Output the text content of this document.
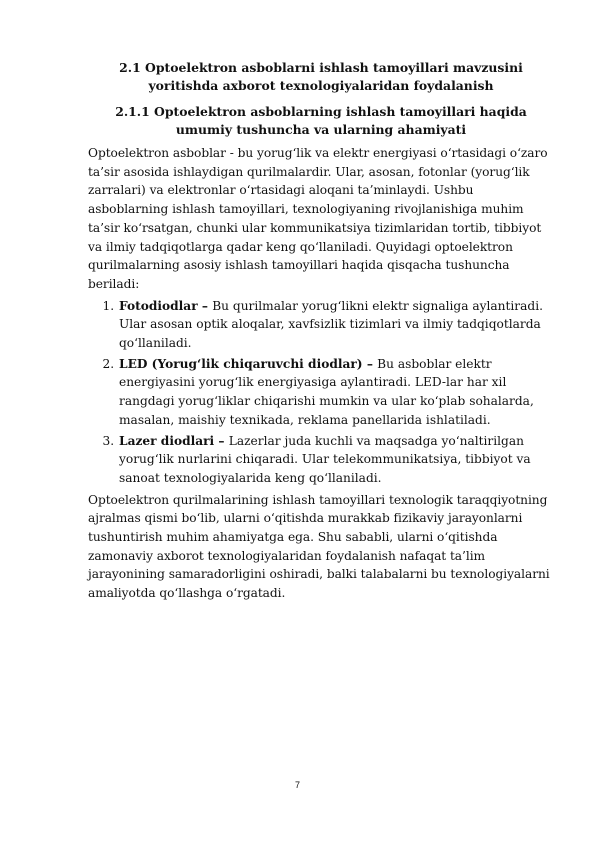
2.1 Optoelektron asboblarni ishlash tamoyillari mavzusini yoritishda axborot texnologiyalaridan foydalanish
2.1.1 Optoelektron asboblarning ishlash tamoyillari haqida umumiy tushuncha va ularning ahamiyati

Optoelektron asboblar - bu yorug‘lik va elektr energiyasi o‘rtasidagi o‘zaro ta’sir asosida ishlaydigan qurilmalardir. Ular, asosan, fotonlar (yorug‘lik zarralari) va elektronlar o‘rtasidagi aloqani ta’minlaydi. Ushbu asboblarning ishlash tamoyillari, texnologiyaning rivojlanishiga muhim ta’sir ko‘rsatgan, chunki ular kommunikatsiya tizimlaridan tortib, tibbiyot va ilmiy tadqiqotlarga qadar keng qo‘llaniladi. Quyidagi optoelektron qurilmalarning asosiy ishlash tamoyillari haqida qisqacha tushuncha beriladi:

1. Fotodiodlar – Bu qurilmalar yorug‘likni elektr signaliga aylantiradi. Ular asosan optik aloqalar, xavfsizlik tizimlari va ilmiy tadqiqotlarda qo‘llaniladi.
2. LED (Yorug‘lik chiqaruvchi diodlar) – Bu asboblar elektr energiyasini yorug‘lik energiyasiga aylantiradi. LED-lar har xil rangdagi yorug‘liklar chiqarishi mumkin va ular ko‘plab sohalarda, masalan, maishiy texnikada, reklama panellarida ishlatiladi.
3. Lazer diodlari – Lazerlar juda kuchli va maqsadga yo‘naltirilgan yorug‘lik nurlarini chiqaradi. Ular telekommunikatsiya, tibbiyot va sanoat texnologiyalarida keng qo‘llaniladi.

Optoelektron qurilmalarining ishlash tamoyillari texnologik taraqqiyotning ajralmas qismi bo‘lib, ularni o‘qitishda murakkab fizikaviy jarayonlarni tushuntirish muhim ahamiyatga ega. Shu sababli, ularni o‘qitishda zamonaviy axborot texnologiyalaridan foydalanish nafaqat ta’lim jarayonining samaradorligini oshiradi, balki talabalarni bu texnologiyalarni amaliyotda qo‘llashga o‘rgatadi.

7
